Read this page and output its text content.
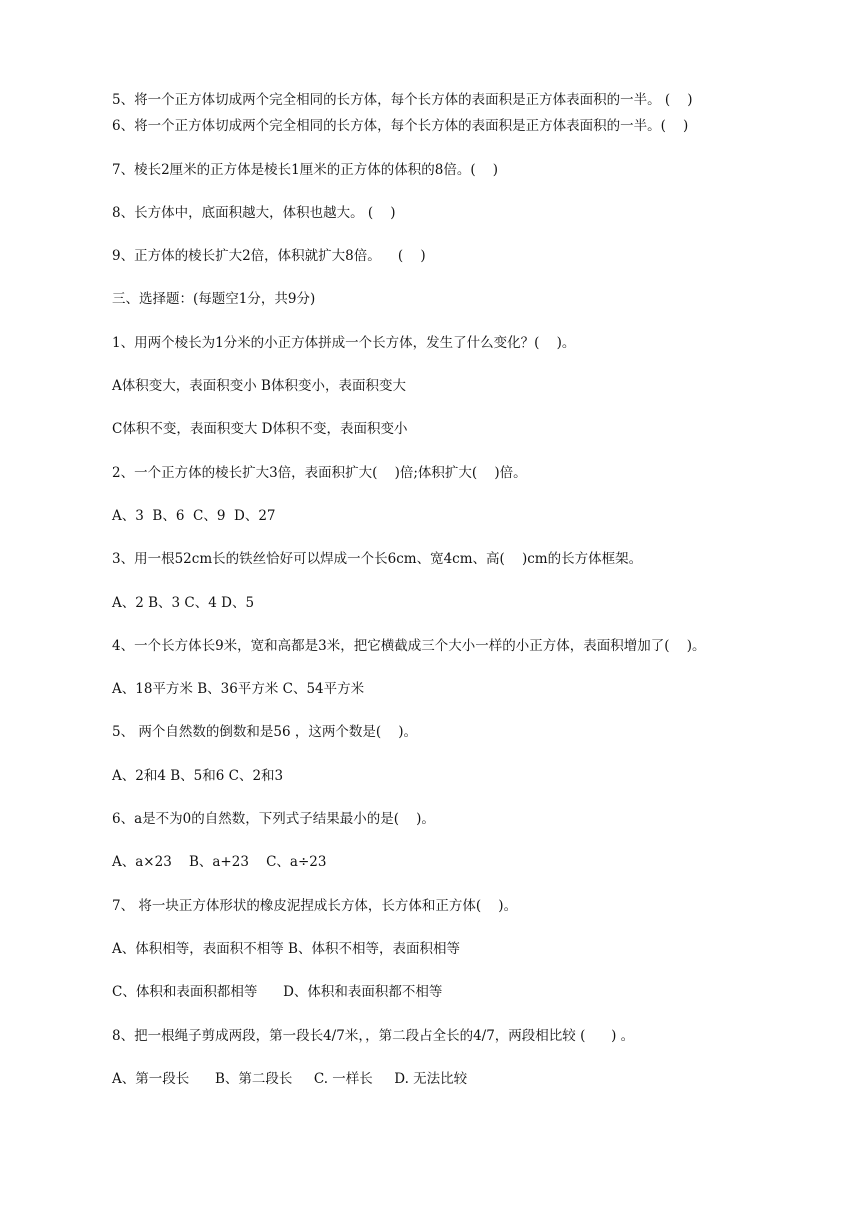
5、将一个正方体切成两个完全相同的长方体，每个长方体的表面积是正方体表面积的一半。 (    )
6、将一个正方体切成两个完全相同的长方体，每个长方体的表面积是正方体表面积的一半。(    )
7、棱长2厘米的正方体是棱长1厘米的正方体的体积的8倍。(    )
8、长方体中，底面积越大，体积也越大。 (    )
9、正方体的棱长扩大2倍，体积就扩大8倍。    (    )
三、选择题：(每题空1分，共9分)
1、用两个棱长为1分米的小正方体拼成一个长方体，发生了什么变化？(    )。
A体积变大，表面积变小 B体积变小，表面积变大
C体积不变，表面积变大 D体积不变，表面积变小
2、一个正方体的棱长扩大3倍，表面积扩大(    )倍;体积扩大(    )倍。
A、3  B、6  C、9  D、27
3、用一根52cm长的铁丝恰好可以焊成一个长6cm、宽4cm、高(    )cm的长方体框架。
A、2 B、3 C、4 D、5
4、一个长方体长9米，宽和高都是3米，把它横截成三个大小一样的小正方体，表面积增加了(    )。
A、18平方米 B、36平方米 C、54平方米
5、 两个自然数的倒数和是56 ，这两个数是(    )。
A、2和4 B、5和6 C、2和3
6、a是不为0的自然数，下列式子结果最小的是(    )。
A、a×23    B、a+23    C、a÷23
7、 将一块正方体形状的橡皮泥捏成长方体，长方体和正方体(    )。
A、体积相等，表面积不相等 B、体积不相等，表面积相等
C、体积和表面积都相等      D、体积和表面积都不相等
8、把一根绳子剪成两段，第一段长4/7米，，第二段占全长的4/7，两段相比较 (      ) 。
A、第一段长      B、第二段长     C. 一样长     D. 无法比较
